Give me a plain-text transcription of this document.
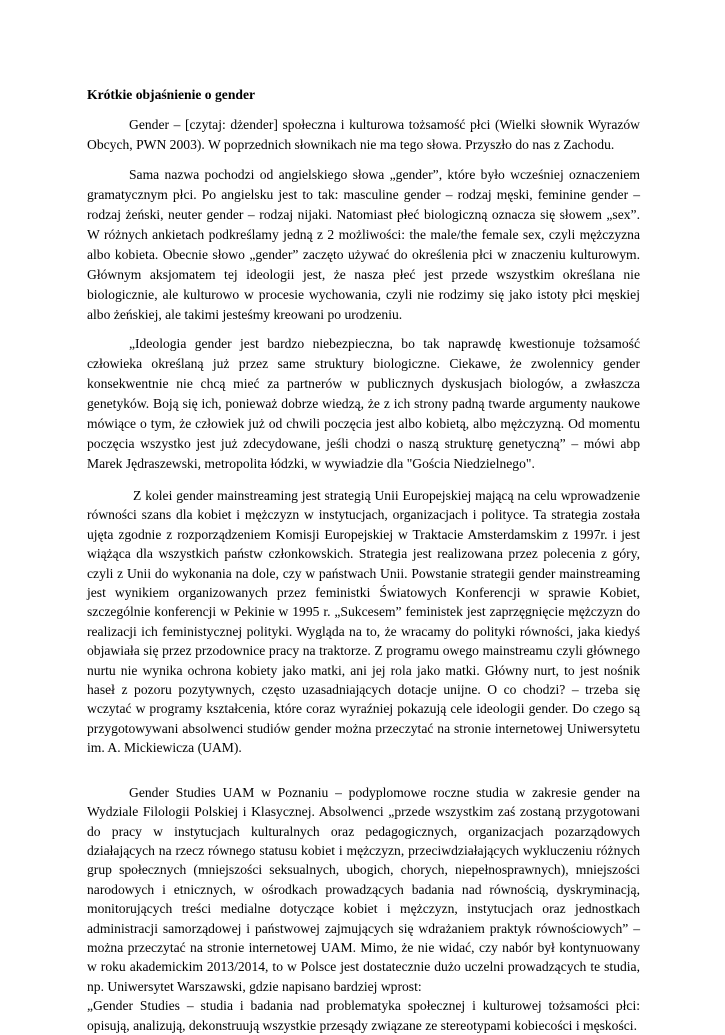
Krótkie objaśnienie o gender

Gender – [czytaj: dżender] społeczna i kulturowa tożsamość płci (Wielki słownik Wyrazów Obcych, PWN 2003). W poprzednich słownikach nie ma tego słowa. Przyszło do nas z Zachodu.

Sama nazwa pochodzi od angielskiego słowa „gender”, które było wcześniej oznaczeniem gramatycznym płci. Po angielsku jest to tak: masculine gender – rodzaj męski, feminine gender – rodzaj żeński, neuter gender – rodzaj nijaki. Natomiast płeć biologiczną oznacza się słowem „sex”. W różnych ankietach podkreślamy jedną z 2 możliwości: the male/the female sex, czyli mężczyzna albo kobieta. Obecnie słowo „gender” zaczęto używać do określenia płci w znaczeniu kulturowym. Głównym aksjomatem tej ideologii jest, że nasza płeć jest przede wszystkim określana nie biologicznie, ale kulturowo w procesie wychowania, czyli nie rodzimy się jako istoty płci męskiej albo żeńskiej, ale takimi jesteśmy kreowani po urodzeniu.

„Ideologia gender jest bardzo niebezpieczna, bo tak naprawdę kwestionuje tożsamość człowieka określaną już przez same struktury biologiczne. Ciekawe, że zwolennicy gender konsekwentnie nie chcą mieć za partnerów w publicznych dyskusjach biologów, a zwłaszcza genetyków. Boją się ich, ponieważ dobrze wiedzą, że z ich strony padną twarde argumenty naukowe mówiące o tym, że człowiek już od chwili poczęcia jest albo kobietą, albo mężczyzną. Od momentu poczęcia wszystko jest już zdecydowane, jeśli chodzi o naszą strukturę genetyczną” – mówi abp Marek Jędraszewski, metropolita łódzki, w wywiadzie dla "Gościa Niedzielnego".

Z kolei gender mainstreaming jest strategią Unii Europejskiej mającą na celu wprowadzenie równości szans dla kobiet i mężczyzn w instytucjach, organizacjach i polityce. Ta strategia została ujęta zgodnie z rozporządzeniem Komisji Europejskiej w Traktacie Amsterdamskim z 1997r. i jest wiążąca dla wszystkich państw członkowskich. Strategia jest realizowana przez polecenia z góry, czyli z Unii do wykonania na dole, czy w państwach Unii. Powstanie strategii gender mainstreaming jest wynikiem organizowanych przez feministki Światowych Konferencji w sprawie Kobiet, szczególnie konferencji w Pekinie w 1995 r. „Sukcesem” feministek jest zaprzęgnięcie mężczyzn do realizacji ich feministycznej polityki. Wygląda na to, że wracamy do polityki równości, jaka kiedyś objawiała się przez przodownice pracy na traktorze. Z programu owego mainstreamu czyli głównego nurtu nie wynika ochrona kobiety jako matki, ani jej rola jako matki. Główny nurt, to jest nośnik haseł z pozoru pozytywnych, często uzasadniających dotacje unijne. O co chodzi? – trzeba się wczytać w programy kształcenia, które coraz wyraźniej pokazują cele ideologii gender. Do czego są przygotowywani absolwenci studiów gender można przeczytać na stronie internetowej Uniwersytetu im. A. Mickiewicza (UAM).

Gender Studies UAM w Poznaniu – podyplomowe roczne studia w zakresie gender na Wydziale Filologii Polskiej i Klasycznej. Absolwenci „przede wszystkim zaś zostaną przygotowani do pracy w instytucjach kulturalnych oraz pedagogicznych, organizacjach pozarządowych działających na rzecz równego statusu kobiet i mężczyzn, przeciwdziałających wykluczeniu różnych grup społecznych (mniejszości seksualnych, ubogich, chorych, niepełnosprawnych), mniejszości narodowych i etnicznych, w ośrodkach prowadzących badania nad równością, dyskryminacją, monitorujących treści medialne dotyczące kobiet i mężczyzn, instytucjach oraz jednostkach administracji samorządowej i państwowej zajmujących się wdrażaniem praktyk równościowych” – można przeczytać na stronie internetowej UAM. Mimo, że nie widać, czy nabór był kontynuowany w roku akademickim 2013/2014, to w Polsce jest dostatecznie dużo uczelni prowadzących te studia, np. Uniwersytet Warszawski, gdzie napisano bardziej wprost:

„Gender Studies – studia i badania nad problematyka społecznej i kulturowej tożsamości płci: opisują, analizują, dekonstruują wszystkie przesądy związane ze stereotypami kobiecości i męskości.
